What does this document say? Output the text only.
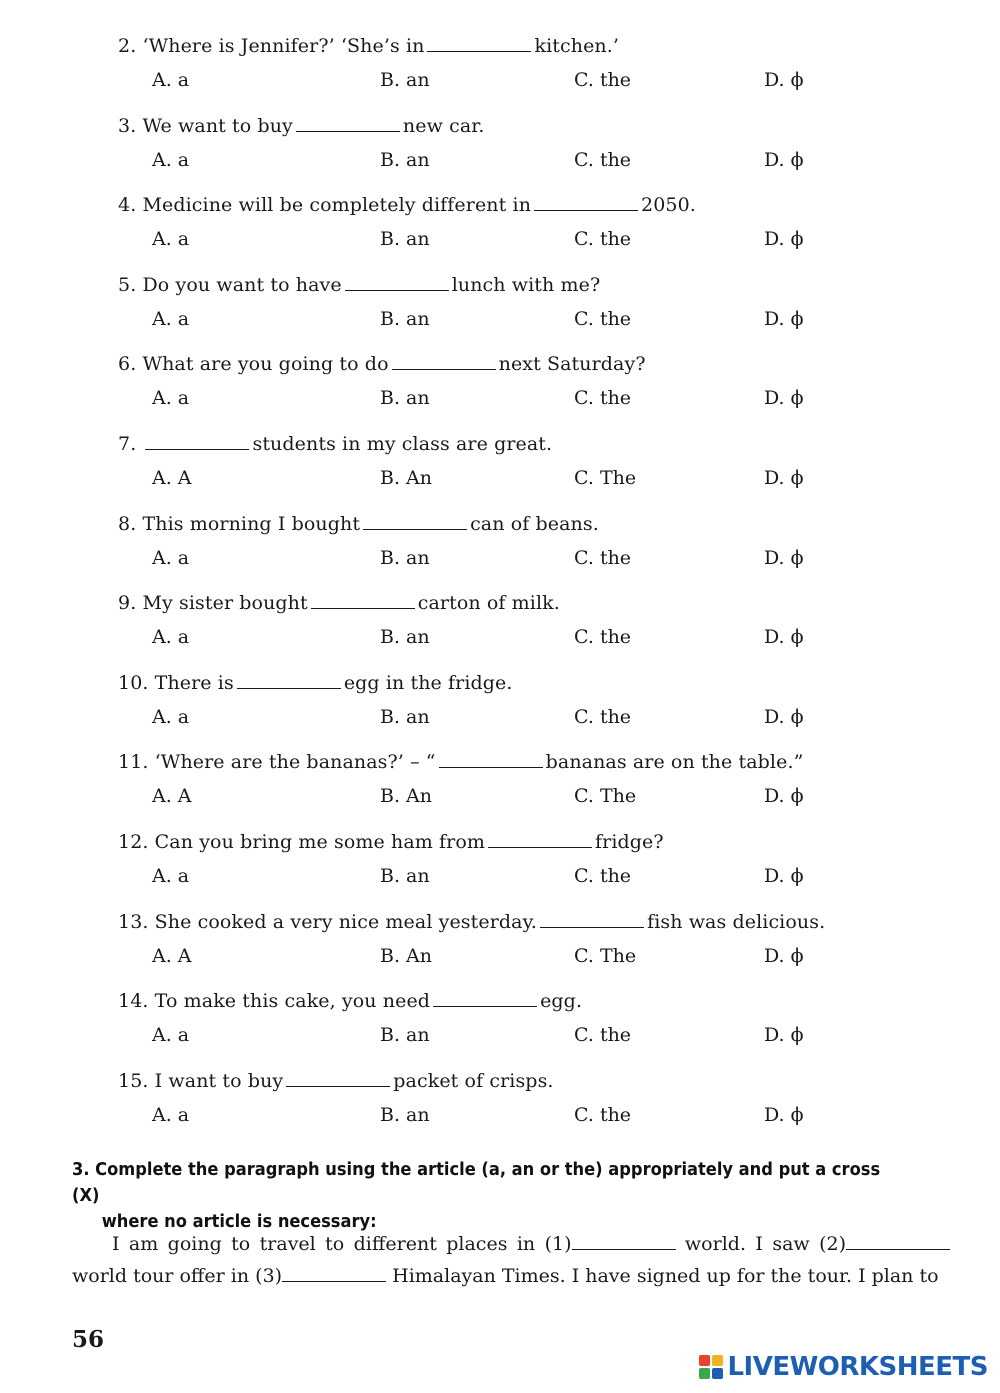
2. ‘Where is Jennifer?’ ‘She’s in	kitchen.’
A. a	B. an	C. the	D. ϕ
3. We want to buy	new car.
A. a	B. an	C. the	D. ϕ
4. Medicine will be completely different in	2050.
A. a	B. an	C. the	D. ϕ
5. Do you want to have	lunch with me?
A. a	B. an	C. the	D. ϕ
6. What are you going to do	next Saturday?
A. a	B. an	C. the	D. ϕ
7.	students in my class are great.
A. A	B. An	C. The	D. ϕ
8. This morning I bought	can of beans.
A. a	B. an	C. the	D. ϕ
9. My sister bought	carton of milk.
A. a	B. an	C. the	D. ϕ
10. There is	egg in the fridge.
A. a	B. an	C. the	D. ϕ
11. ‘Where are the bananas?’ – “	bananas are on the table.”
A. A	B. An	C. The	D. ϕ
12. Can you bring me some ham from	fridge?
A. a	B. an	C. the	D. ϕ
13. She cooked a very nice meal yesterday.	fish was delicious.
A. A	B. An	C. The	D. ϕ
14. To make this cake, you need	egg.
A. a	B. an	C. the	D. ϕ
15. I want to buy	packet of crisps.
A. a	B. an	C. the	D. ϕ
3. Complete the paragraph using the article (a, an or the) appropriately and put a cross (X)
where no article is necessary:
I am going to travel to different places in (1)	world. I saw (2) world tour offer in (3)	Himalayan Times. I have signed up for the tour. I plan to
56
LIVEWORKSHEETS
